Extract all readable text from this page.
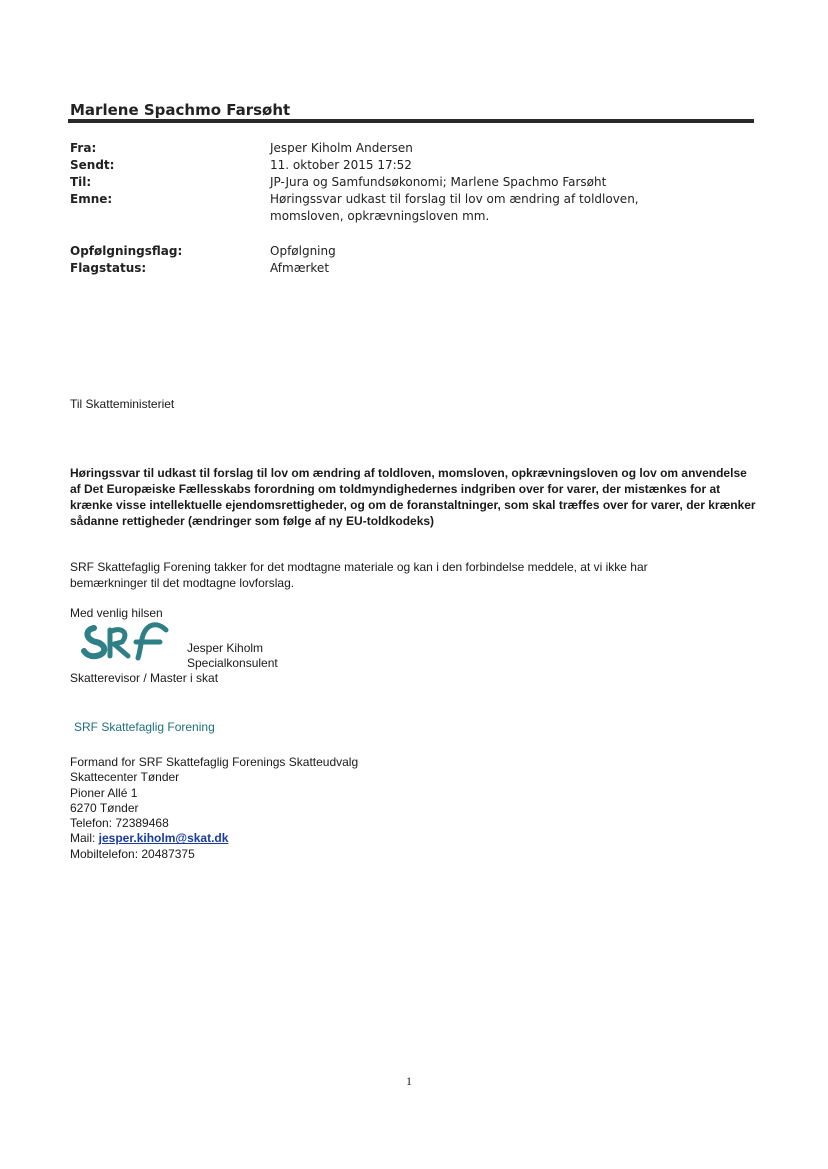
Marlene Spachmo Farsøht
Fra:	Jesper Kiholm Andersen
Sendt:	11. oktober 2015 17:52
Til:	JP-Jura og Samfundsøkonomi; Marlene Spachmo Farsøht
Emne:	Høringssvar udkast til forslag til lov om ændring af toldloven, momsloven, opkrævningsloven mm.
Opfølgningsflag:	Opfølgning
Flagstatus:	Afmærket
Til Skatteministeriet
Høringssvar til udkast til forslag til lov om ændring af toldloven, momsloven, opkrævningsloven og lov om anvendelse af Det Europæiske Fællesskabs forordning om toldmyndighedernes indgriben over for varer, der mistænkes for at krænke visse intellektuelle ejendomsrettigheder, og om de foranstaltninger, som skal træffes over for varer, der krænker sådanne rettigheder (ændringer som følge af ny EU-toldkodeks)
SRF Skattefaglig Forening takker for det modtagne materiale og kan i den forbindelse meddele, at vi ikke har bemærkninger til det modtagne lovforslag.
Med venlig hilsen
Jesper Kiholm
Specialkonsulent
Skatterevisor / Master i skat
SRF Skattefaglig Forening
Formand for SRF Skattefaglig Forenings Skatteudvalg
Skattecenter Tønder
Pioner Allé 1
6270 Tønder
Telefon: 72389468
Mail: jesper.kiholm@skat.dk
Mobiltelefon: 20487375
1
